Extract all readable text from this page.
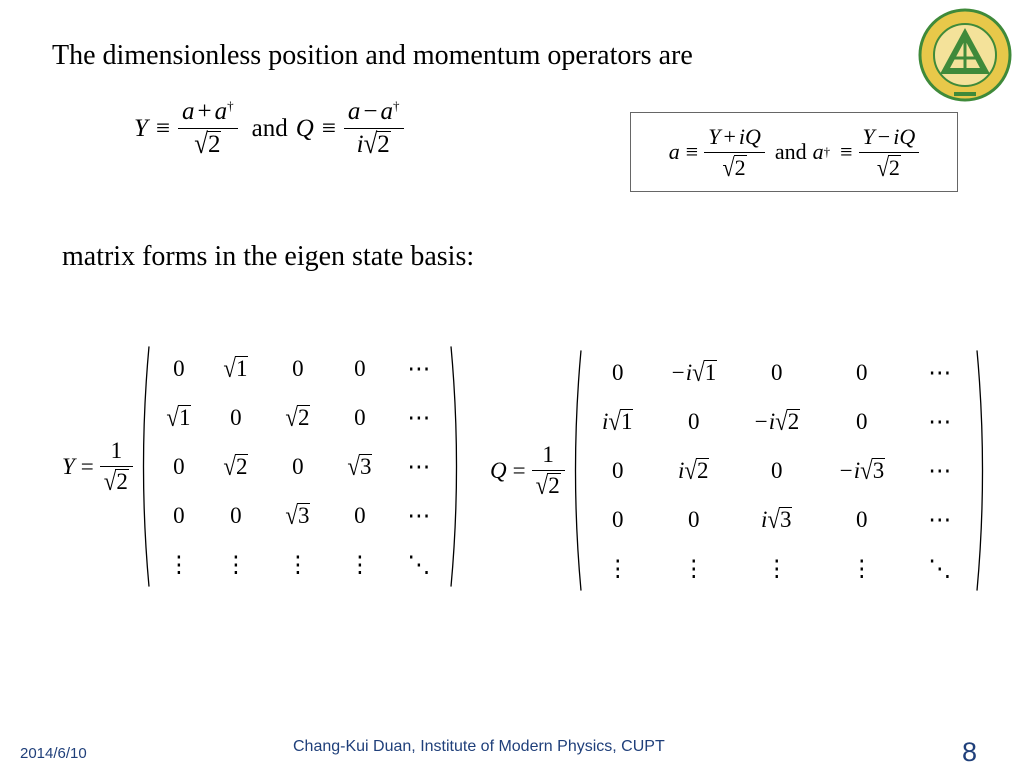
The dimensionless position and momentum operators are
$Y \equiv \frac{a + a^\dagger}{√2}$ and $Q \equiv \frac{a - a^\dagger}{i√2}$	$a \equiv \frac{Y + iQ}{√2}$ and a † ≡ $\frac{Y - iQ}{√2}$
matrix forms in the eigen state basis:
$Y = \frac{1}{√2}$
0	√1	0	0	⋯
√1	0	√2	0	⋯
0	√2	0	√3	⋯
0	0	√3	0	⋯
⋮	⋮	⋮	⋮	⋱
$Q = \frac{1}{√2}$
0	−i√1	0	0	⋯
i√1	0	−i√2	0	⋯
0	i√2	0	−i√3	⋯
0	0	i√3	0	⋯
⋮	⋮	⋮	⋮	⋱
2014/6/10	Chang-Kui Duan, Institute of Modern Physics, CUPT	8
